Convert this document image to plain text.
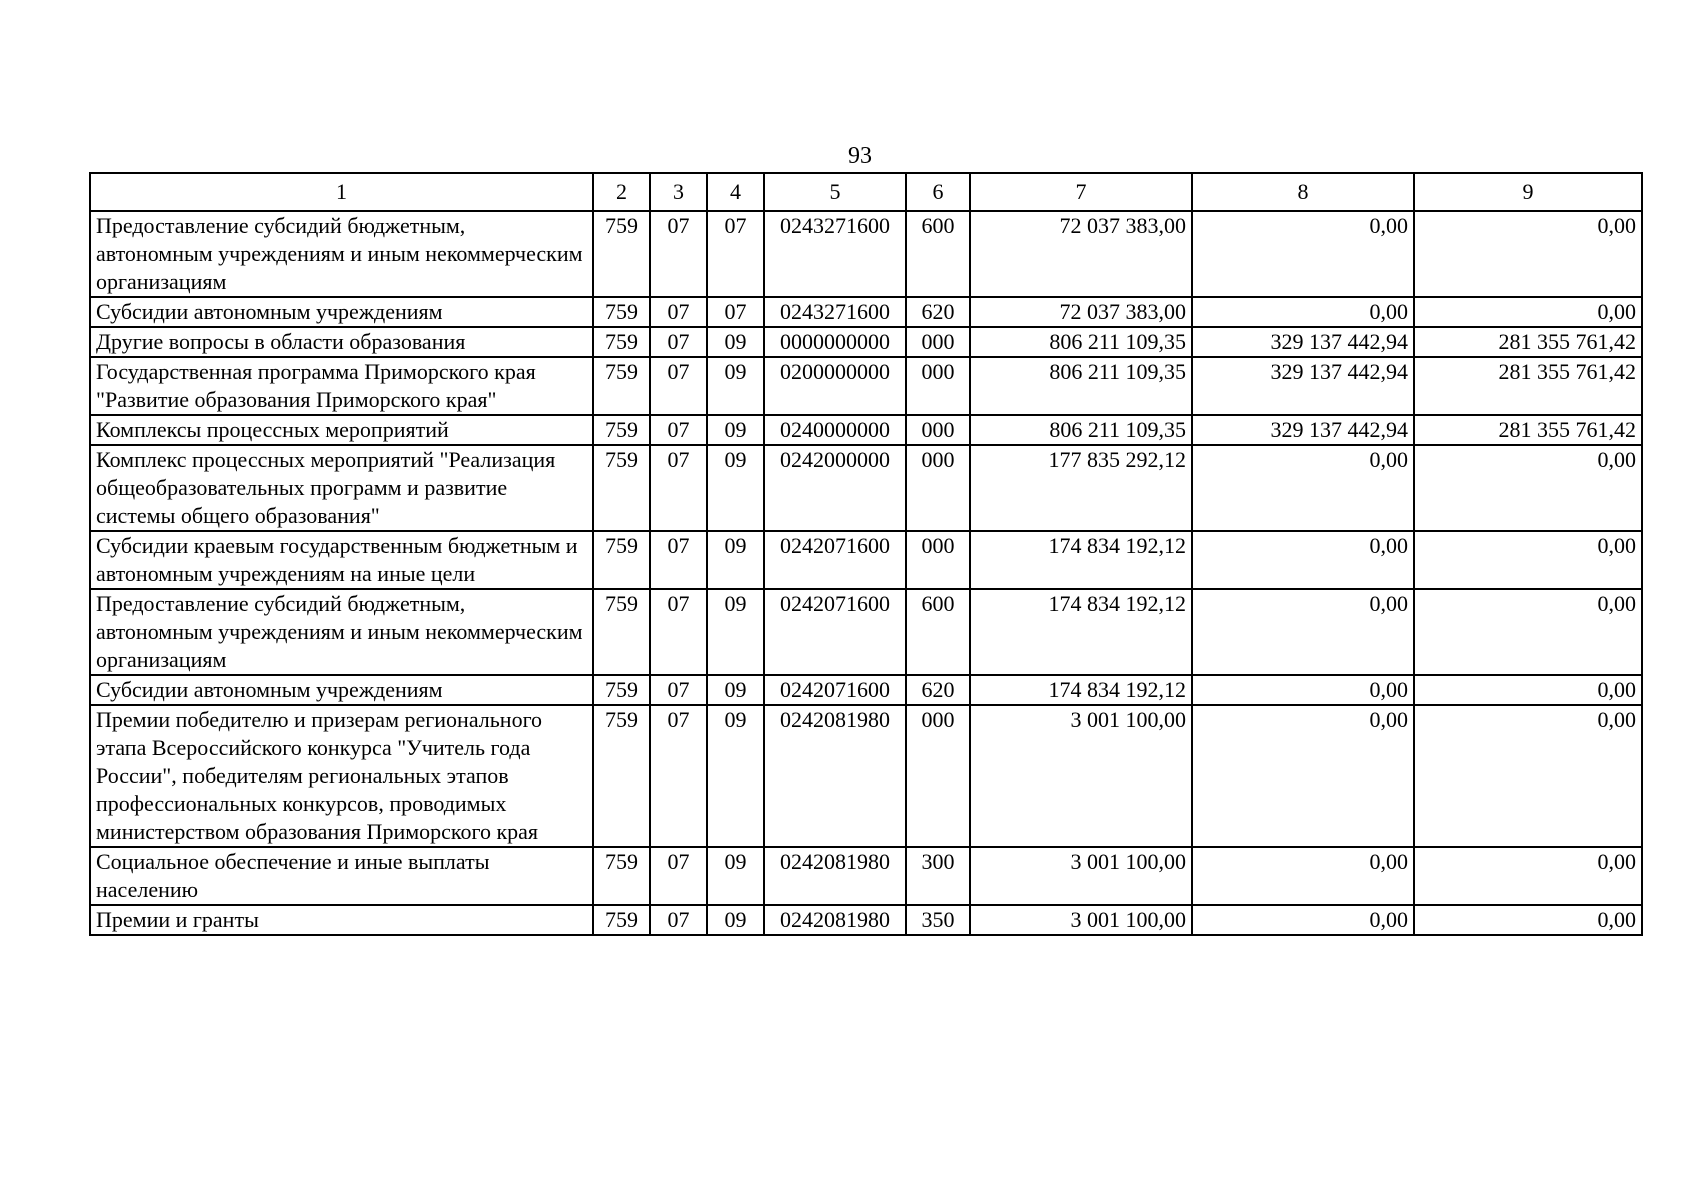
93
1	2	3	4	5	6	7	8	9
Предоставление субсидий бюджетным, автономным учреждениям и иным некоммерческим организациям	759	07	07	0243271600	600	72 037 383,00	0,00	0,00
Субсидии автономным учреждениям	759	07	07	0243271600	620	72 037 383,00	0,00	0,00
Другие вопросы в области образования	759	07	09	0000000000	000	806 211 109,35	329 137 442,94	281 355 761,42
Государственная программа Приморского края "Развитие образования Приморского края"	759	07	09	0200000000	000	806 211 109,35	329 137 442,94	281 355 761,42
Комплексы процессных мероприятий	759	07	09	0240000000	000	806 211 109,35	329 137 442,94	281 355 761,42
Комплекс процессных мероприятий "Реализация общеобразовательных программ и развитие системы общего образования"	759	07	09	0242000000	000	177 835 292,12	0,00	0,00
Субсидии краевым государственным бюджетным и автономным учреждениям на иные цели	759	07	09	0242071600	000	174 834 192,12	0,00	0,00
Предоставление субсидий бюджетным, автономным учреждениям и иным некоммерческим организациям	759	07	09	0242071600	600	174 834 192,12	0,00	0,00
Субсидии автономным учреждениям	759	07	09	0242071600	620	174 834 192,12	0,00	0,00
Премии победителю и призерам регионального этапа Всероссийского конкурса "Учитель года России", победителям региональных этапов профессиональных конкурсов, проводимых министерством образования Приморского края	759	07	09	0242081980	000	3 001 100,00	0,00	0,00
Социальное обеспечение и иные выплаты населению	759	07	09	0242081980	300	3 001 100,00	0,00	0,00
Премии и гранты	759	07	09	0242081980	350	3 001 100,00	0,00	0,00
